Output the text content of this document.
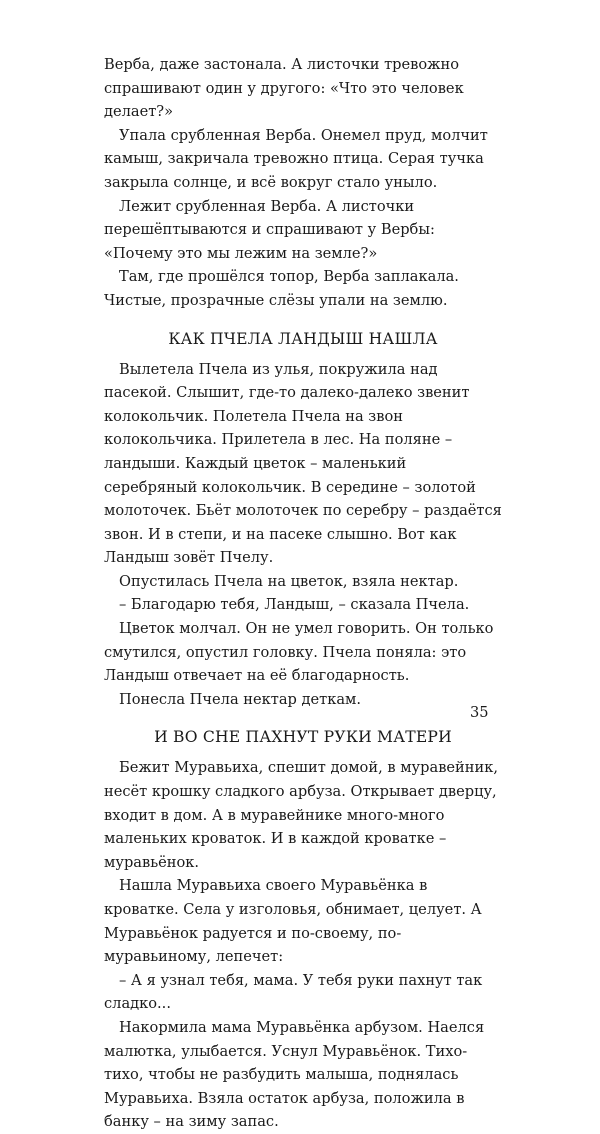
Верба, даже застонала. А листочки тревожно спрашивают один у другого: «Что это человек делает?»

Упала срубленная Верба. Онемел пруд, молчит камыш, закричала тревожно птица. Серая тучка закрыла солнце, и всё вокруг стало уныло.

Лежит срубленная Верба. А листочки перешёптываются и спрашивают у Вербы: «Почему это мы лежим на земле?»

Там, где прошёлся топор, Верба заплакала. Чистые, прозрачные слёзы упали на землю.

КАК ПЧЕЛА ЛАНДЫШ НАШЛА

Вылетела Пчела из улья, покружила над пасекой. Слышит, где-то далеко-далеко звенит колокольчик. Полетела Пчела на звон колокольчика. Прилетела в лес. На поляне – ландыши. Каждый цветок – маленький серебряный колокольчик. В середине – золотой молоточек. Бьёт молоточек по серебру – раздаётся звон. И в степи, и на пасеке слышно. Вот как Ландыш зовёт Пчелу.

Опустилась Пчела на цветок, взяла нектар.

– Благодарю тебя, Ландыш, – сказала Пчела.

Цветок молчал. Он не умел говорить. Он только смутился, опустил головку. Пчела поняла: это Ландыш отвечает на её благодарность.

Понесла Пчела нектар деткам.

И ВО СНЕ ПАХНУТ РУКИ МАТЕРИ

Бежит Муравьиха, спешит домой, в муравейник, несёт крошку сладкого арбуза. Открывает дверцу, входит в дом. А в муравейнике много-много маленьких кроваток. И в каждой кроватке – муравьёнок.

Нашла Муравьиха своего Муравьёнка в кроватке. Села у изголовья, обнимает, целует. А Муравьёнок радуется и по-своему, по-муравьиному, лепечет:

– А я узнал тебя, мама. У тебя руки пахнут так сладко...

Накормила мама Муравьёнка арбузом. Наелся малютка, улыбается. Уснул Муравьёнок. Тихо-тихо, чтобы не разбудить малыша, поднялась Муравьиха. Взяла остаток арбуза, положила в банку – на зиму запас.

35
